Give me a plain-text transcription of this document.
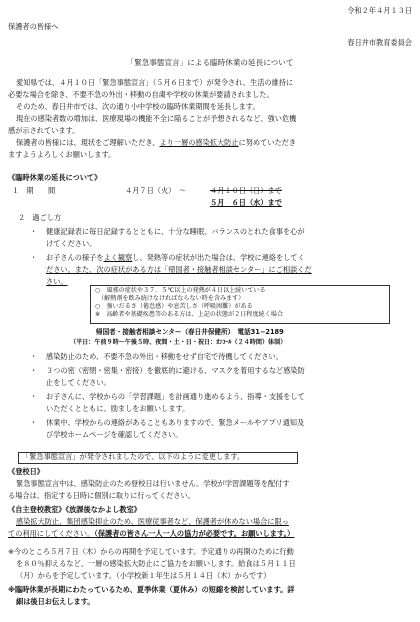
令和２年４月１３日
保護者の皆様へ
春日井市教育委員会
「緊急事態宣言」による臨時休業の延長について
愛知県では、４月１０日「緊急事態宣言」（５月６日まで）が発令され、生活の維持に
必要な場合を除き、不要不急の外出・移動の自粛や学校の休業が要請されました。
そのため、春日井市では、次の通り小中学校の臨時休業期間を延長します。
現在の感染者数の増加は、医療現場の機能不全に陥ることが予想されるなど、強い危機
感が示されています。
保護者の皆様には、現状をご理解いただき、より一層の感染拡大防止に努めていただき
ますようよろしくお願いします。
《臨時休業の延長について》
１　期　　間	４月７日（火）　〜	４月１０日（日）まで
５月　６日（水）まで
２　過ごし方
・ 健康記録表に毎日記録するとともに、十分な睡眠、バランスのとれた食事を心が
けてください。
・ お子さんの様子をよく観察し、発熱等の症状が出た場合は、学校に連絡をしてく
ださい。また、次の症状がある方は「帰国者・接触者相談センター」にご相談くだ
さい。
○　風邪の症状や３７．５℃以上の発熱が４日以上続いている
　（解熱剤を飲み続けなければならない時を含みます）
○　強いだるさ（倦怠感）や息苦しさ（呼吸困難）がある
※　高齢者や基礎疾患等のある方は、上記の状態が２日程度続く場合
帰国者・接触者相談センター（春日井保健所）　電話31−2189
（平日：午前９時〜午後５時、夜間・土・日・祝日：ｵﾝｺｰﾙ（２４時間）体制）
・ 感染防止のため、不要不急の外出・移動をせず自宅で待機してください。
・ ３つの密（密閉・密集・密接）を徹底的に避ける、マスクを着用するなど感染防
止をしてください。
・ お子さんに、学校からの「学習課題」を計画通り進めるよう、指導・支援をして
いただくとともに、励ましをお願いします。
・ 休業中、学校からの連絡があることもありますので、緊急メールやアプリ通知及
び学校ホームページを確認してください。
「緊急事態宣言」が発令されましたので、以下のように変更します。
《登校日》
緊急事態宣言中は、感染防止のため登校日は行いません。学校が学習課題等を配付す
る場合は、指定する日時に個別に取りに行ってください。
《自主登校教室》《放課後なかよし教室》
感染拡大防止、集団感染抑止のため、医療従事者など、保護者が休めない場合に限っ
ての利用にしてください。（保護者の皆さん一人一人の協力が必要です。お願いします。）
※今のところ５月７日（木）からの再開を予定しています。予定通りの再開のために行動
を８０％抑えるなど、一層の感染拡大防止にご協力をお願いします。給食は５月１１日
（月）からを予定しています。（小学校新１年生は５月１４日（木）からです）
※臨時休業が長期にわたっているため、夏季休業（夏休み）の短縮を検討しています。詳
細は後日お伝えします。
